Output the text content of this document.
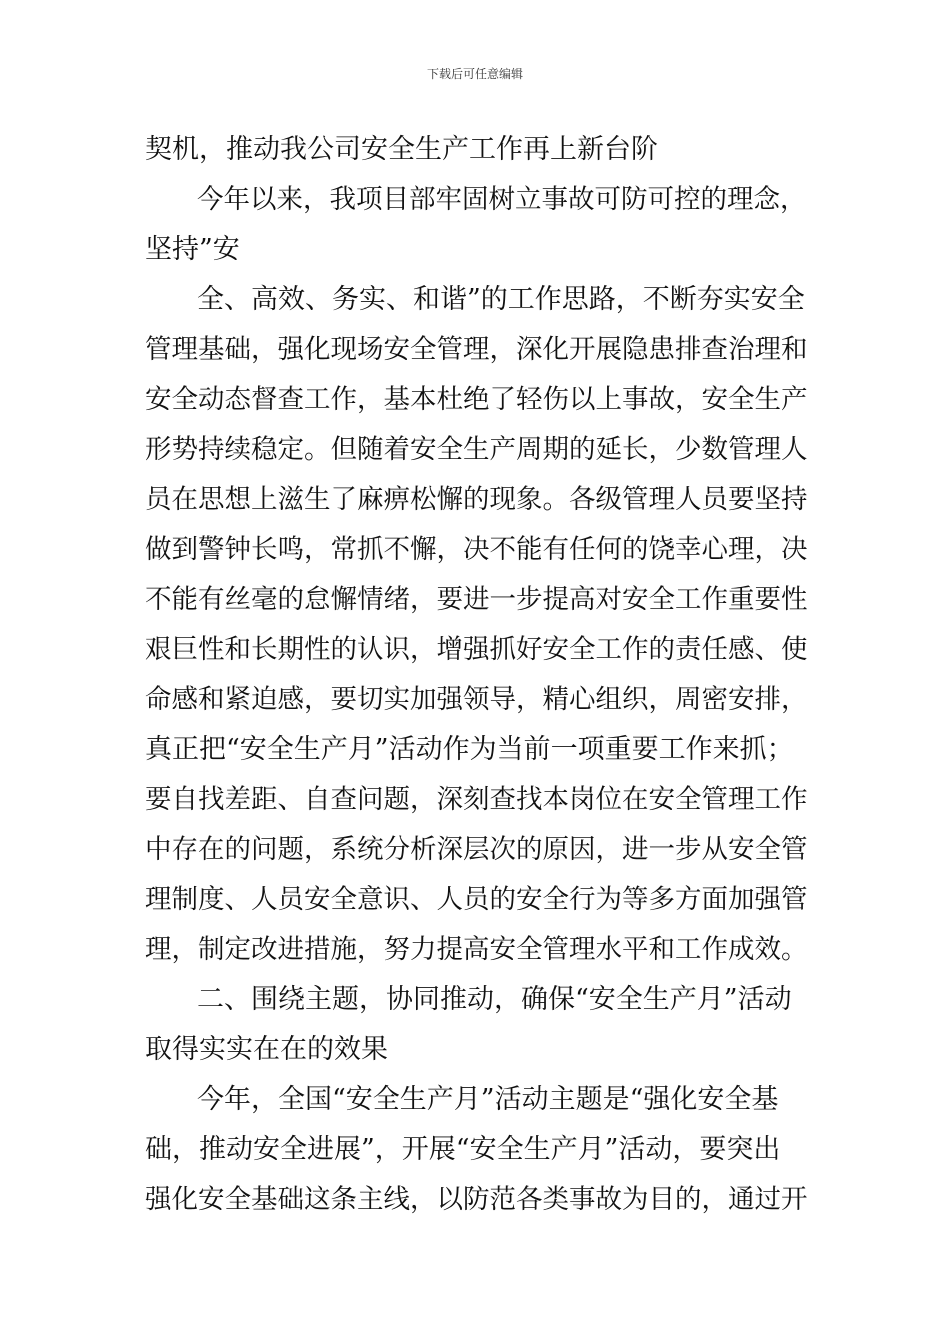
下载后可任意编辑
契机，推动我公司安全生产工作再上新台阶
今年以来，我项目部牢固树立事故可防可控的理念，
坚持”安
全、高效、务实、和谐”的工作思路，不断夯实安全
管理基础，强化现场安全管理，深化开展隐患排查治理和
安全动态督查工作，基本杜绝了轻伤以上事故，安全生产
形势持续稳定。但随着安全生产周期的延长，少数管理人
员在思想上滋生了麻痹松懈的现象。各级管理人员要坚持
做到警钟长鸣，常抓不懈，决不能有任何的饶幸心理，决
不能有丝毫的怠懈情绪，要进一步提高对安全工作重要性
艰巨性和长期性的认识，增强抓好安全工作的责任感、使
命感和紧迫感，要切实加强领导，精心组织，周密安排，
真正把“安全生产月”活动作为当前一项重要工作来抓；
要自找差距、自查问题，深刻查找本岗位在安全管理工作
中存在的问题，系统分析深层次的原因，进一步从安全管
理制度、人员安全意识、人员的安全行为等多方面加强管
理，制定改进措施，努力提高安全管理水平和工作成效。
二、围绕主题，协同推动，确保“安全生产月”活动
取得实实在在的效果
今年，全国“安全生产月”活动主题是“强化安全基
础，推动安全进展”，开展“安全生产月”活动，要突出
强化安全基础这条主线，以防范各类事故为目的，通过开
